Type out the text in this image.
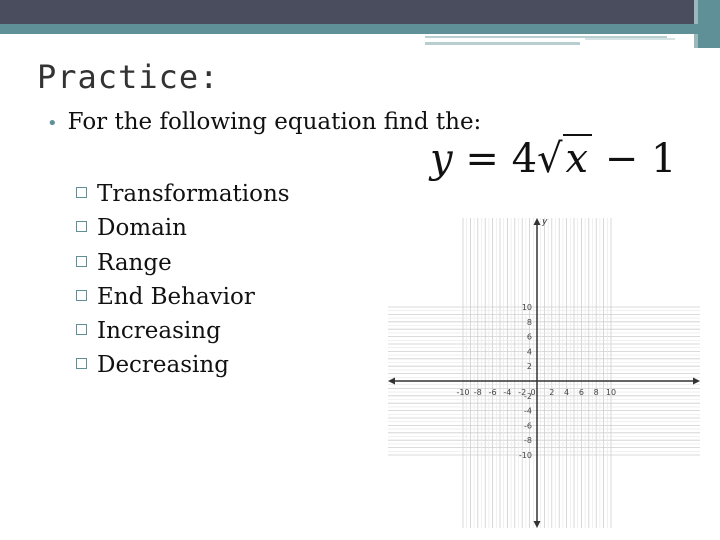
Practice:
• For the following equation find the:
Transformations
Domain
Range
End Behavior
Increasing
Decreasing
y = 4√x − 1
y
-10 -8 -6 -4 -2 0 2 4 6 8 10
10
8
6
4
2
-2
-4
-6
-8
-10
